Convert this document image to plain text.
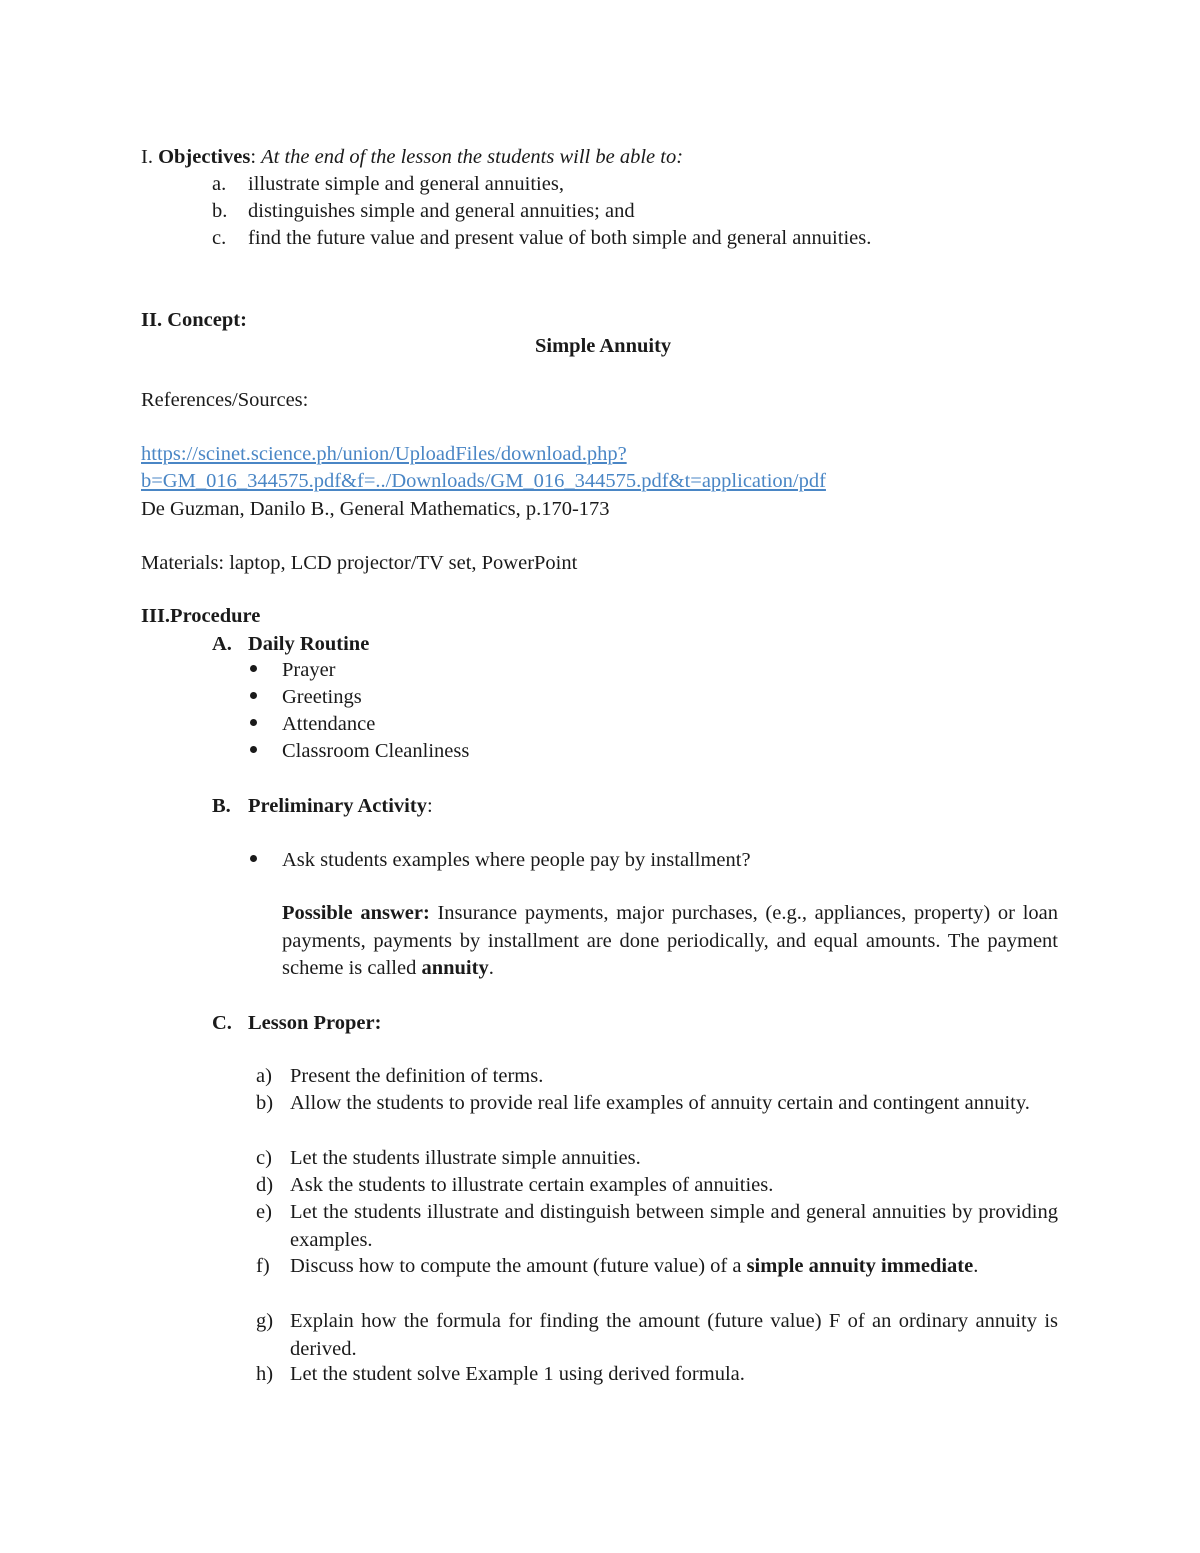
I. Objectives: At the end of the lesson the students will be able to:
a. illustrate simple and general annuities,
b. distinguishes simple and general annuities; and
c. find the future value and present value of both simple and general annuities.
II. Concept:
Simple Annuity
References/Sources:
https://scinet.science.ph/union/UploadFiles/download.php?
b=GM_016_344575.pdf&f=../Downloads/GM_016_344575.pdf&t=application/pdf
De Guzman, Danilo B., General Mathematics, p.170-173
Materials: laptop, LCD projector/TV set, PowerPoint
III.Procedure
A. Daily Routine
Prayer
Greetings
Attendance
Classroom Cleanliness
B. Preliminary Activity:
Ask students examples where people pay by installment?
Possible answer: Insurance payments, major purchases, (e.g., appliances, property) or loan payments, payments by installment are done periodically, and equal amounts. The payment scheme is called annuity.
C. Lesson Proper:
a) Present the definition of terms.
b) Allow the students to provide real life examples of annuity certain and contingent annuity.
c) Let the students illustrate simple annuities.
d) Ask the students to illustrate certain examples of annuities.
e) Let the students illustrate and distinguish between simple and general annuities by providing examples.
f) Discuss how to compute the amount (future value) of a simple annuity immediate.
g) Explain how the formula for finding the amount (future value) F of an ordinary annuity is derived.
h) Let the student solve Example 1 using derived formula.
